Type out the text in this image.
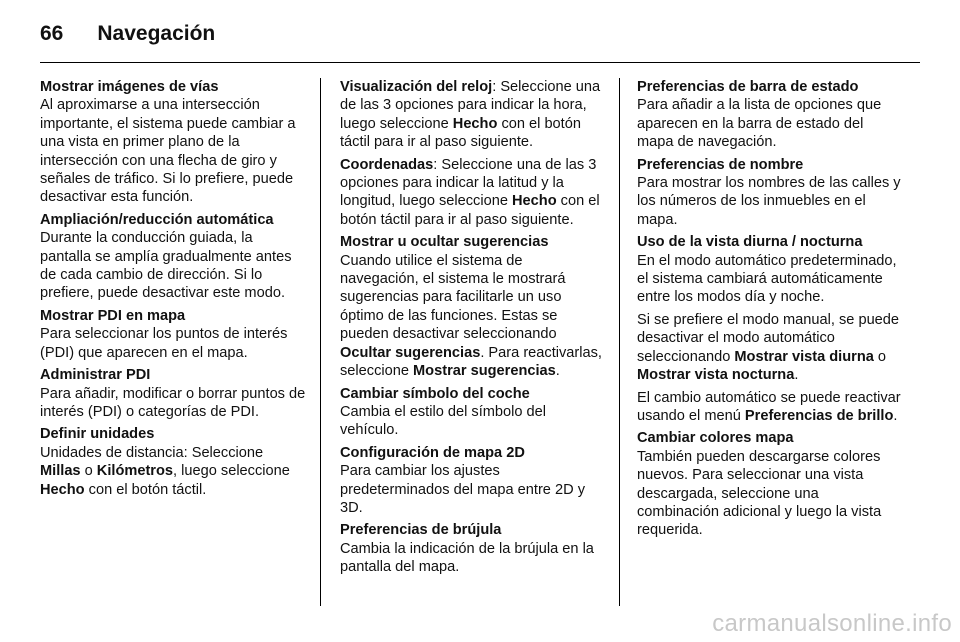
66 Navegación
Mostrar imágenes de vías
Al aproximarse a una intersección importante, el sistema puede cambiar a una vista en primer plano de la intersección con una flecha de giro y señales de tráfico. Si lo prefiere, puede desactivar esta función.
Ampliación/reducción automática
Durante la conducción guiada, la pantalla se amplía gradualmente antes de cada cambio de dirección. Si lo prefiere, puede desactivar este modo.
Mostrar PDI en mapa
Para seleccionar los puntos de interés (PDI) que aparecen en el mapa.
Administrar PDI
Para añadir, modificar o borrar puntos de interés (PDI) o categorías de PDI.
Definir unidades
Unidades de distancia: Seleccione Millas o Kilómetros, luego seleccione Hecho con el botón táctil.

Visualización del reloj: Seleccione una de las 3 opciones para indicar la hora, luego seleccione Hecho con el botón táctil para ir al paso siguiente.

Coordenadas: Seleccione una de las 3 opciones para indicar la latitud y la longitud, luego seleccione Hecho con el botón táctil para ir al paso siguiente.

Mostrar u ocultar sugerencias
Cuando utilice el sistema de navegación, el sistema le mostrará sugerencias para facilitarle un uso óptimo de las funciones. Estas se pueden desactivar seleccionando Ocultar sugerencias. Para reactivarlas, seleccione Mostrar sugerencias.
Cambiar símbolo del coche
Cambia el estilo del símbolo del vehículo.
Configuración de mapa 2D
Para cambiar los ajustes predeterminados del mapa entre 2D y 3D.
Preferencias de brújula
Cambia la indicación de la brújula en la pantalla del mapa.
Preferencias de barra de estado
Para añadir a la lista de opciones que aparecen en la barra de estado del mapa de navegación.
Preferencias de nombre
Para mostrar los nombres de las calles y los números de los inmuebles en el mapa.
Uso de la vista diurna / nocturna

En el modo automático predeterminado, el sistema cambiará automáticamente entre los modos día y noche.

Si se prefiere el modo manual, se puede desactivar el modo automático seleccionando Mostrar vista diurna o Mostrar vista nocturna.

El cambio automático se puede reactivar usando el menú Preferencias de brillo.

Cambiar colores mapa
También pueden descargarse colores nuevos. Para seleccionar una vista descargada, seleccione una combinación adicional y luego la vista requerida.
carmanualsonline.info
